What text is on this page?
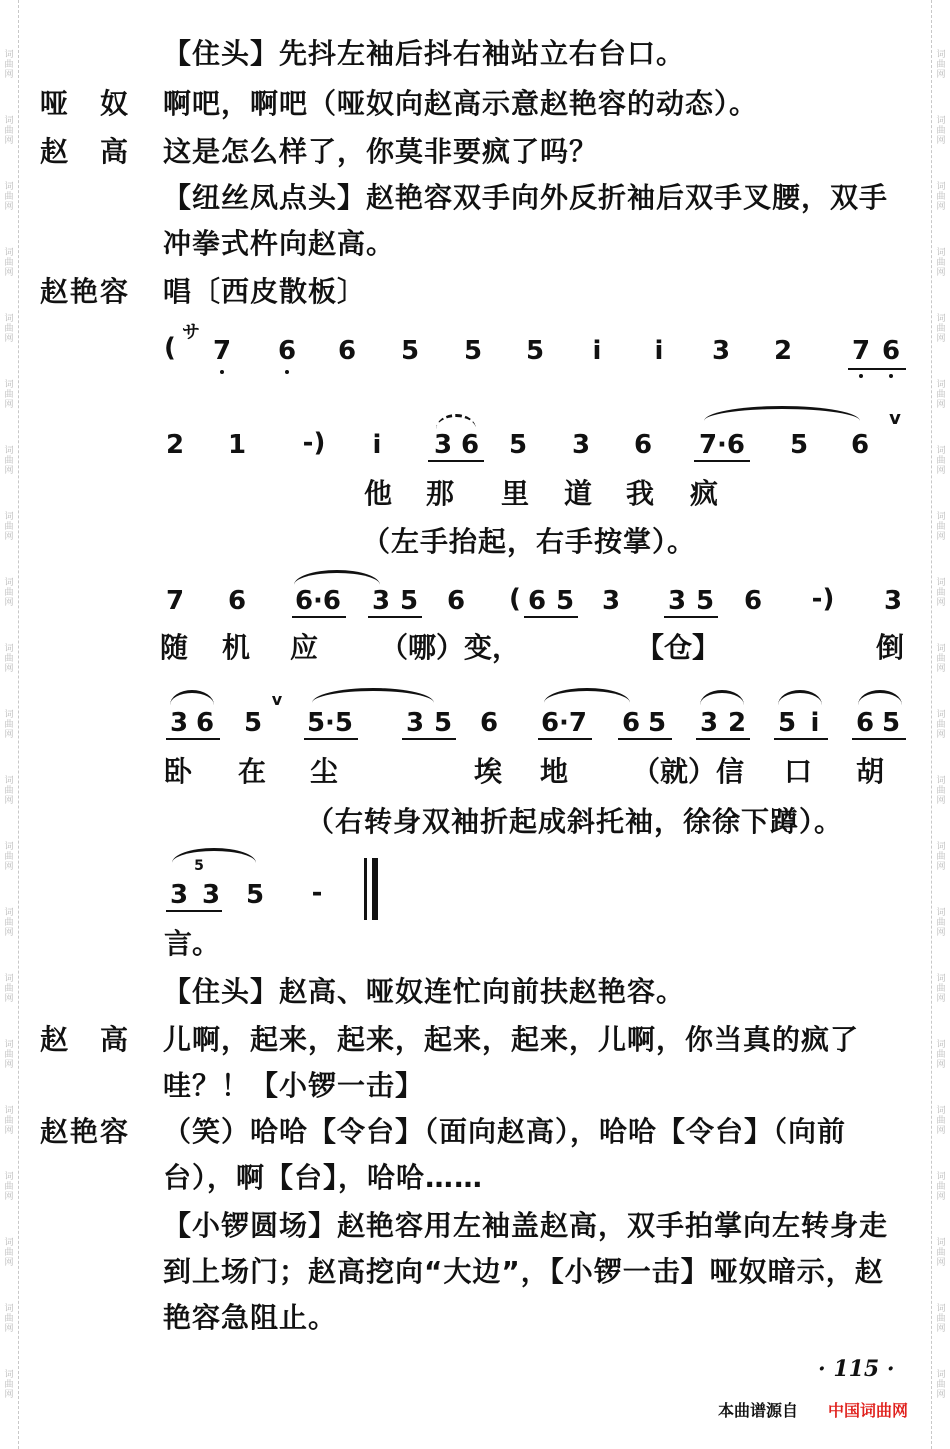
词
曲
网
词
曲
网
词
曲
网
词
曲
网
词
曲
网
词
曲
网
词
曲
网
词
曲
网
词
曲
网
词
曲
网
词
曲
网
词
曲
网
词
曲
网
词
曲
网
词
曲
网
词
曲
网
词
曲
网
词
曲
网
词
曲
网
词
曲
网
词
曲
网
词
曲
网
词
曲
网
词
曲
网
词
曲
网
词
曲
网
词
曲
网
词
曲
网
词
曲
网
词
曲
网
词
曲
网
词
曲
网
词
曲
网
词
曲
网
词
曲
网
词
曲
网
词
曲
网
词
曲
网
词
曲
网
词
曲
网
词
曲
网
词
曲
网
【住头】先抖左袖后抖右袖站立右台口。
哑　奴 啊吧，啊吧（哑奴向赵高示意赵艳容的动态）。
赵　高 这是怎么样了，你莫非要疯了吗？
【纽丝凤点头】赵艳容双手向外反折袖后双手叉腰，双手
冲拳式杵向赵高。
赵艳容 唱〔西皮散板〕
(
サ
7 6 6 5 5 5	i	i	3 2 7 6
2 1	-)	i	3 6 5 3 6	7·6	5 6
v
他 那 里 道 我 疯
（左手抬起，右手按掌）。
7 6 6·6 3 5 6	( 6 5 3 3 5 6	-)	3
随 机 应 （哪）变，	【仓】	倒
3 6 5
v
5·5 3 5 6 6·7 6 5 3 2 5 i	6 5
卧 在 尘	埃 地 （就）信 口 胡
（右转身双袖折起成斜托袖，徐徐下蹲）。
3
5
3 5	-
言。
【住头】赵高、哑奴连忙向前扶赵艳容。
赵　高 儿啊，起来，起来，起来，起来，儿啊，你当真的疯了
哇？！【小锣一击】
赵艳容 （笑）哈哈【令台】（面向赵高），哈哈【令台】（向前
台），啊【台】，哈哈……
【小锣圆场】赵艳容用左袖盖赵高，双手拍掌向左转身走
到上场门；赵高挖向“大边”，【小锣一击】哑奴暗示，赵
艳容急阻止。
· 115 ·
本曲谱源自 中国词曲网
